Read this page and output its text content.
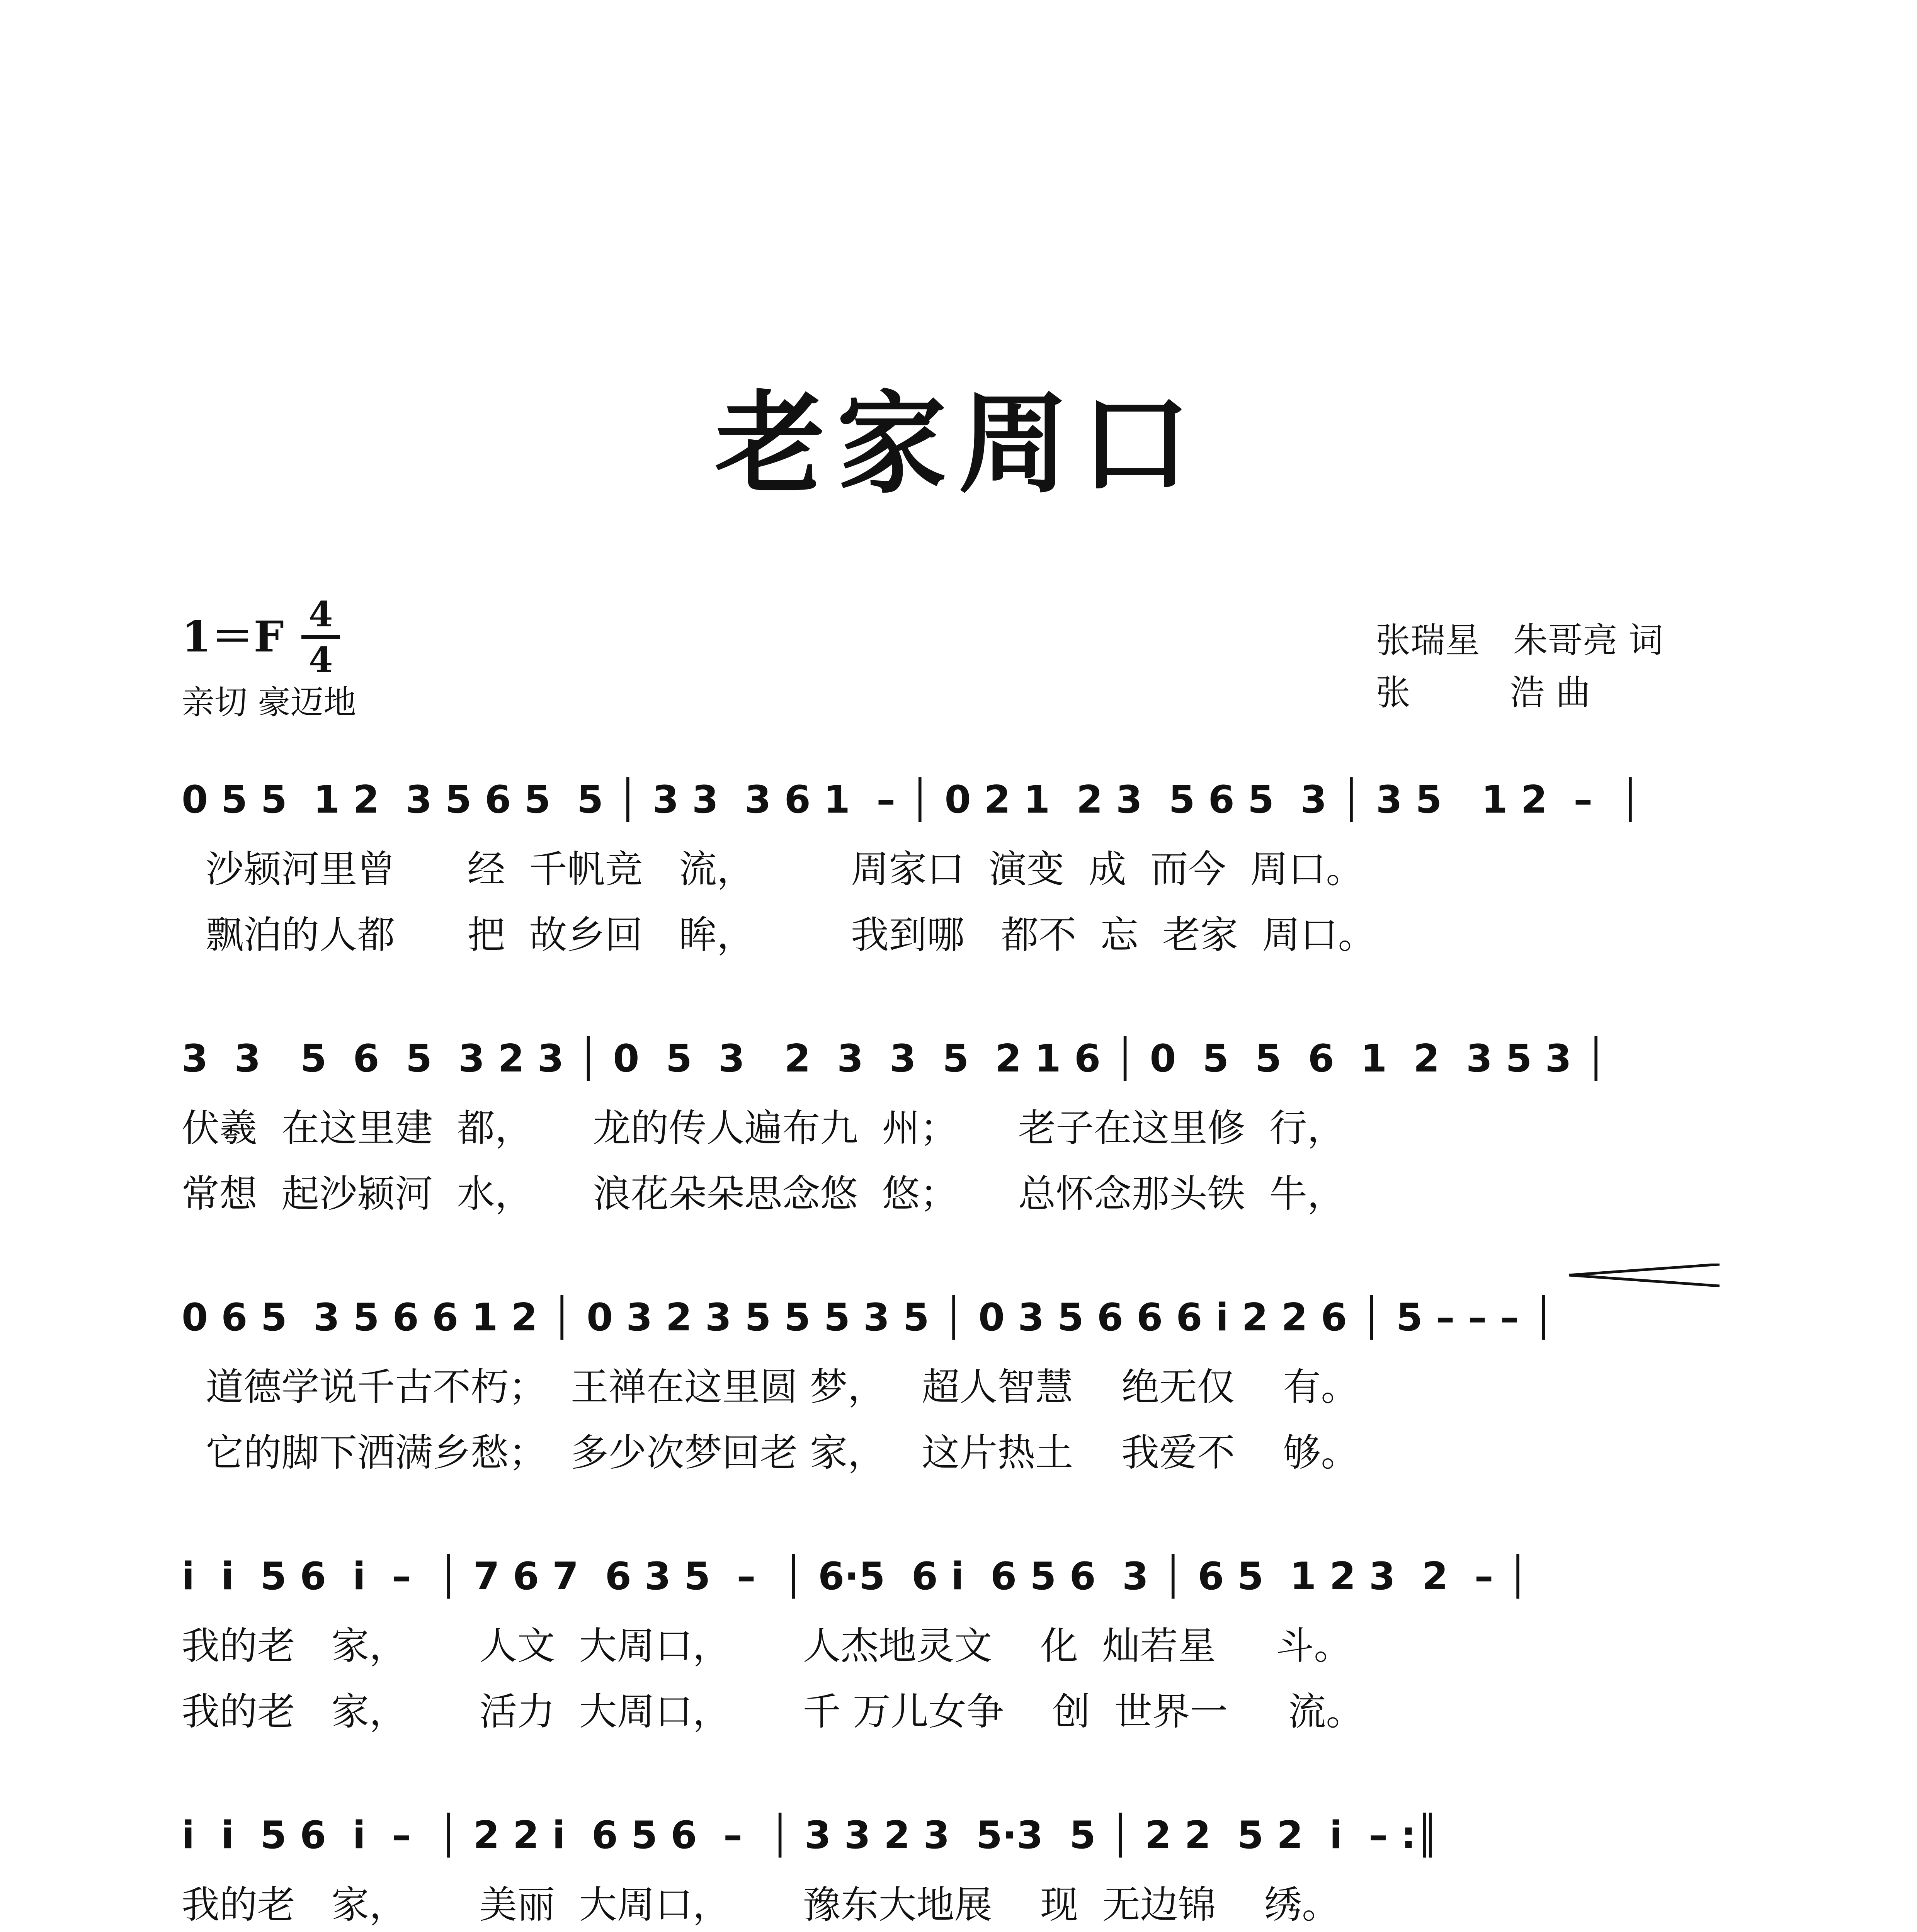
老家周口
1＝F 4
4
亲切 豪迈地
张瑞星   朱哥亮 词
张         浩 曲
0 5 5  1 2  3 5 6 5  5 │ 3 3  3 6 1  – │ 0 2 1  2 3  5 6 5  3 │ 3 5   1 2  –  │
沙颍河里曾      经  千帆竞   流，        周家口  演变  成  而今  周口。
飘泊的人都      把  故乡回   眸，        我到哪   都不  忘  老家  周口。
3  3   5  6  5  3 2 3 │ 0  5  3   2  3  3  5  2 1 6 │ 0  5  5  6  1  2  3 5 3 │
伏羲  在这里建  都，     龙的传人遍布九  州；     老子在这里修  行，
常想  起沙颍河  水，     浪花朵朵思念悠  悠；     总怀念那头铁  牛，
0 6 5  3 5 6 6 1 2 │ 0 3 2 3 5 5 5 3 5 │ 0 3 5 6 6 6 i 2 2 6 │ 5 – – – │
道德学说千古不朽；  王禅在这里圆 梦，   超人智慧    绝无仅    有。
它的脚下洒满乡愁；  多少次梦回老 家，   这片热土    我爱不    够。
i  i  5 6  i  –  │ 7 6 7  6 3 5  –  │ 6·5  6 i  6 5 6  3 │ 6 5  1 2 3  2  – │
我的老   家，      人文  大周口，      人杰地灵文    化  灿若星     斗。
我的老   家，      活力  大周口，      千 万儿女争    创  世界一     流。
i  i  5 6  i  –  │ 2 2 i  6 5 6  –  │ 3 3 2 3  5·3  5 │ 2 2  5 2  i  – :║
我的老   家，      美丽  大周口，      豫东大地展    现  无边锦    绣。
